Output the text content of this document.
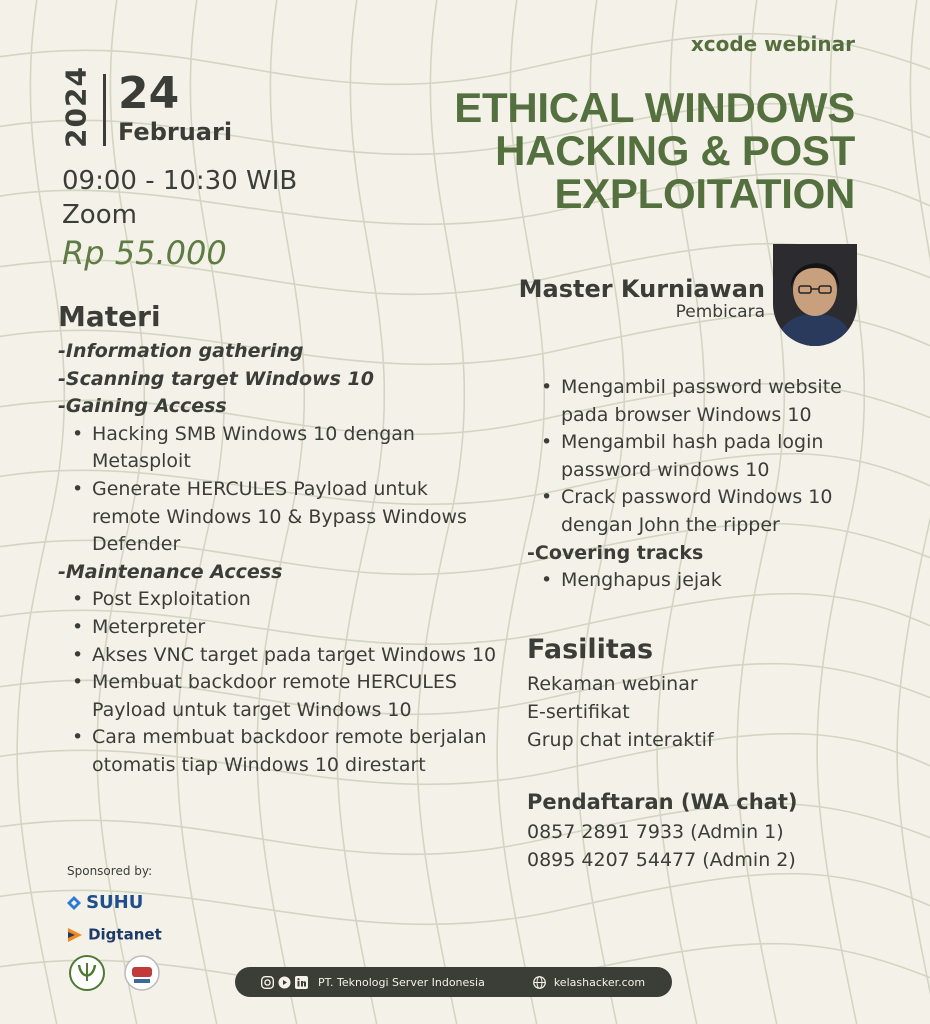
xcode webinar
2024 24
Februari
09:00 - 10:30 WIB
Zoom
Rp 55.000
ETHICAL WINDOWS
HACKING & POST
EXPLOITATION
Master Kurniawan
Pembicara
Materi
-Information gathering
-Scanning target Windows 10
-Gaining Access
• Hacking SMB Windows 10 dengan Metasploit
• Generate HERCULES Payload untuk remote Windows 10 & Bypass Windows Defender
-Maintenance Access
• Post Exploitation
• Meterpreter
• Akses VNC target pada target Windows 10
• Membuat backdoor remote HERCULES Payload untuk target Windows 10
• Cara membuat backdoor remote berjalan otomatis tiap Windows 10 direstart
• Mengambil password website pada browser Windows 10
• Mengambil hash pada login password windows 10
• Crack password Windows 10 dengan John the ripper
-Covering tracks
• Menghapus jejak
Fasilitas
Rekaman webinar
E-sertifikat
Grup chat interaktif
Pendaftaran (WA chat)
0857 2891 7933 (Admin 1)
0895 4207 54477 (Admin 2)
Sponsored by:
SUHU
Digtanet
PT. Teknologi Server Indonesia	kelashacker.com
